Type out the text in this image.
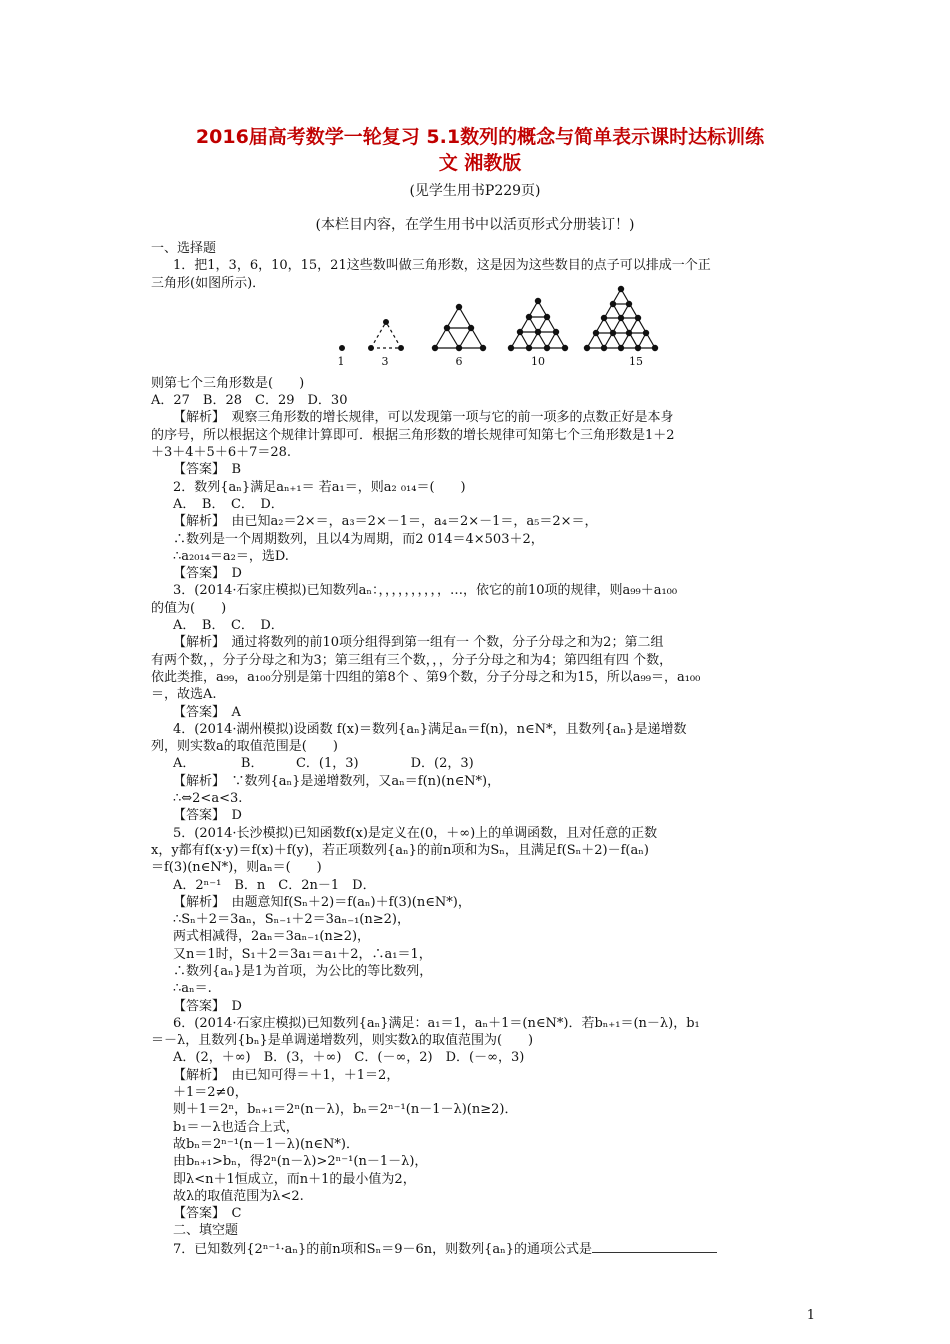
2016届高考数学一轮复习 5.1数列的概念与简单表示课时达标训练
文 湘教版
(见学生用书P229页)
(本栏目内容，在学生用书中以活页形式分册装订！)
一、选择题
1．把1，3，6，10，15，21这些数叫做三角形数，这是因为这些数目的点子可以排成一个正
三角形(如图所示)．
则第七个三角形数是(　　)
A．27　B．28　C．29　D．30
【解析】　观察三角形数的增长规律，可以发现第一项与它的前一项多的点数正好是本身
的序号，所以根据这个规律计算即可．根据三角形数的增长规律可知第七个三角形数是1＋2
＋3＋4＋5＋6＋7＝28.
【答案】　B
2．数列{aₙ}满足aₙ₊₁＝ 若a₁＝，则a₂ ₀₁₄＝(　　)
A．　B．　C．　D．
【解析】　由已知a₂＝2×＝，a₃＝2×－1＝，a₄＝2×－1＝，a₅＝2×＝，
∴数列是一个周期数列，且以4为周期，而2 014＝4×503＋2，
∴a₂₀₁₄＝a₂＝，选D.
【答案】　D
3．(2014·石家庄模拟)已知数列aₙ：，，，，，，，，，，…，依它的前10项的规律，则a₉₉＋a₁₀₀
的值为(　　)
A．　B．　C．　D．
【解析】　通过将数列的前10项分组得到第一组有一 个数，分子分母之和为2；第二组
有两个数，，分子分母之和为3；第三组有三个数，，，分子分母之和为4；第四组有四 个数，
依此类推，a₉₉，a₁₀₀分别是第十四组的第8个 、第9个数，分子分母之和为15，所以a₉₉＝，a₁₀₀
＝，故选A.
【答案】　A
4．(2014·湖州模拟)设函数 f(x)＝数列{aₙ}满足aₙ＝f(n)，n∈N*，且数列{aₙ}是递增数
列，则实数a的取值范围是(　　)
A．　　　　B．　　　C．(1，3)　　　　D．(2，3)
【解析】　∵数列{aₙ}是递增数列，又aₙ＝f(n)(n∈N*)，
∴⇔2<a<3.
【答案】　D
5．(2014·长沙模拟)已知函数f(x)是定义在(0，＋∞)上的单调函数，且对任意的正数
x，y都有f(x·y)＝f(x)＋f(y)，若正项数列{aₙ}的前n项和为Sₙ，且满足f(Sₙ＋2)－f(aₙ)
＝f(3)(n∈N*)，则aₙ＝(　　)
A．2ⁿ⁻¹　B．n　C．2n－1　D．
【解析】　由题意知f(Sₙ＋2)＝f(aₙ)＋f(3)(n∈N*)，
∴Sₙ＋2＝3aₙ，Sₙ₋₁＋2＝3aₙ₋₁(n≥2)，
两式相减得，2aₙ＝3aₙ₋₁(n≥2)，
又n＝1时，S₁＋2＝3a₁＝a₁＋2，∴a₁＝1，
∴数列{aₙ}是1为首项，为公比的等比数列，
∴aₙ＝.
【答案】　D
6．(2014·石家庄模拟)已知数列{aₙ}满足：a₁＝1，aₙ＋1＝(n∈N*)．若bₙ₊₁＝(n－λ)，b₁
＝－λ，且数列{bₙ}是单调递增数列，则实数λ的取值范围为(　　)
A．(2，＋∞)　B．(3，＋∞)　C．(－∞，2)　D．(－∞，3)
【解析】　由已知可得＝＋1，＋1＝2，
＋1＝2≠0，
则＋1＝2ⁿ，bₙ₊₁＝2ⁿ(n－λ)，bₙ＝2ⁿ⁻¹(n－1－λ)(n≥2)．
b₁＝－λ也适合上式，
故bₙ＝2ⁿ⁻¹(n－1－λ)(n∈N*)．
由bₙ₊₁>bₙ，得2ⁿ(n－λ)>2ⁿ⁻¹(n－1－λ)，
即λ<n＋1恒成立，而n＋1的最小值为2，
故λ的取值范围为λ<2.
【答案】　C
二、填空题
7．已知数列{2ⁿ⁻¹·aₙ}的前n项和Sₙ＝9－6n，则数列{aₙ}的通项公式是
1	3	6	10	15
1
